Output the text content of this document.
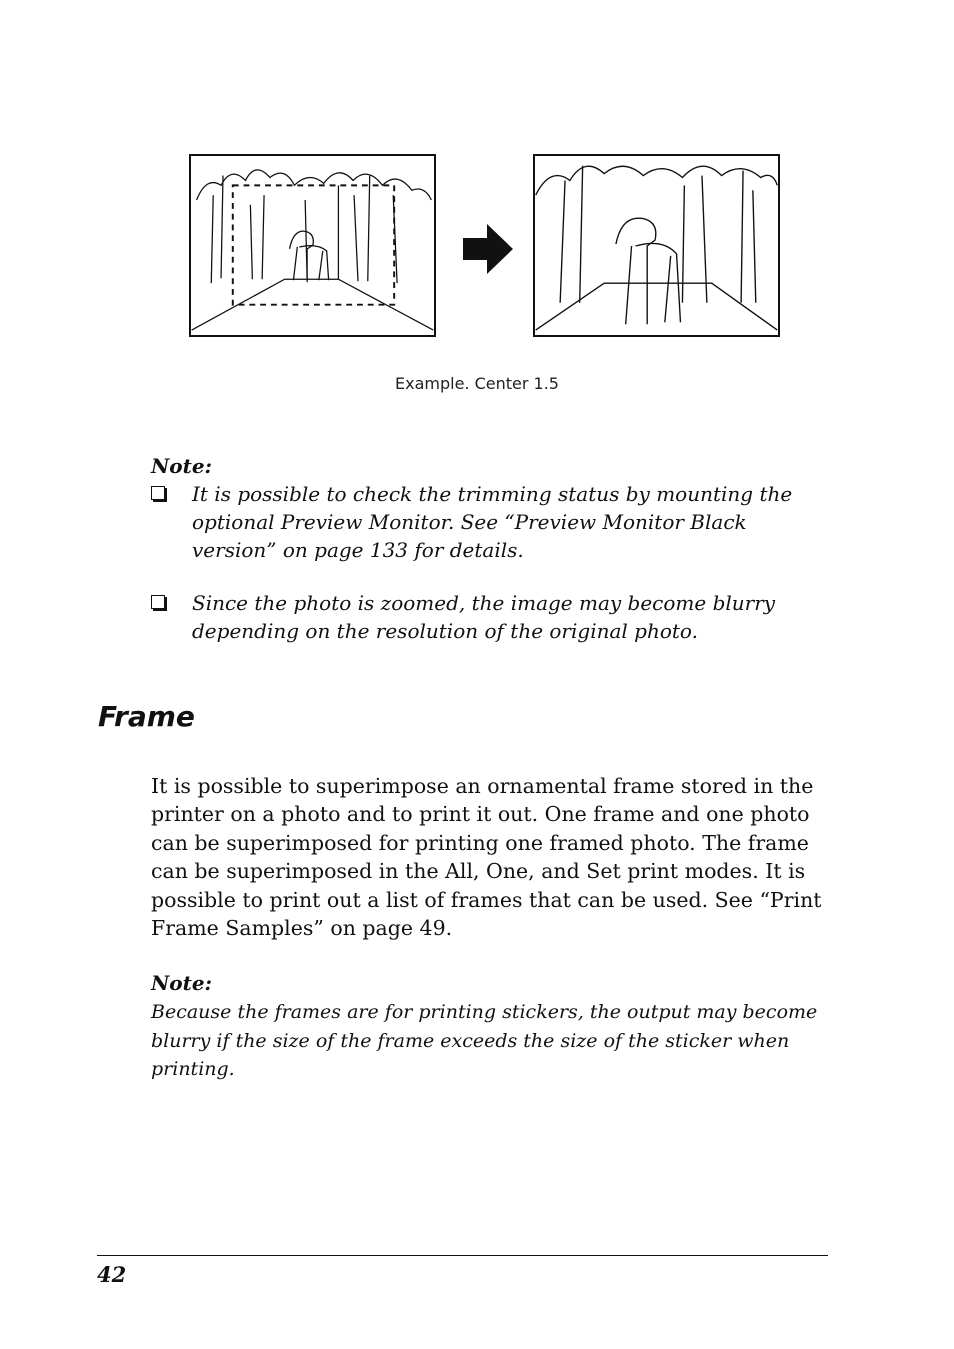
Example. Center 1.5
Note:
It is possible to check the trimming status by mounting the optional Preview Monitor. See “Preview Monitor Black version” on page 133 for details.
Since the photo is zoomed, the image may become blurry depending on the resolution of the original photo.
Frame

It is possible to superimpose an ornamental frame stored in the printer on a photo and to print it out. One frame and one photo can be superimposed for printing one framed photo. The frame can be superimposed in the All, One, and Set print modes. It is possible to print out a list of frames that can be used. See “Print Frame Samples” on page 49.

Note:

Because the frames are for printing stickers, the output may become blurry if the size of the frame exceeds the size of the sticker when printing.

42
